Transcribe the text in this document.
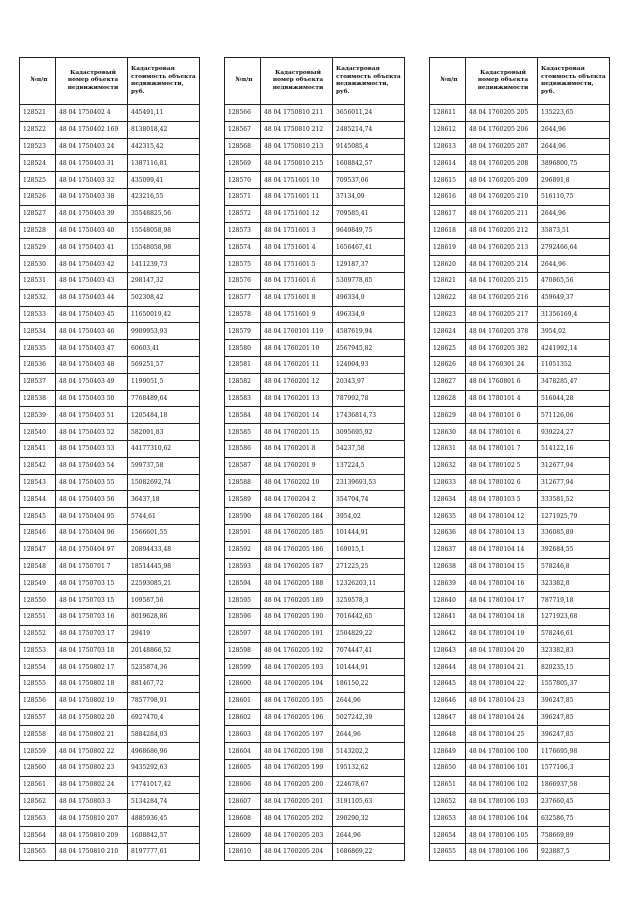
№п/п	Кадастровый номер объекта недвижимости	Кадастровая стоимость объекта недвижимости, руб.
128521	48 04 1750402 4	445491,11
128522	48 04 1750402 169	8138018,42
128523	48 04 1750403 24	442315,42
128524	48 04 1750403 31	1387116,81
128525	48 04 1750403 32	435099,41
128526	48 04 1750403 38	423216,55
128527	48 04 1750403 39	35548825,56
128528	48 04 1750403 40	15548058,98
128529	48 04 1750403 41	15548058,98
128530	48 04 1750403 42	1411239,73
128531	48 04 1750403 43	298147,32
128532	48 04 1750403 44	502308,42
128533	48 04 1750403 45	11650019,42
128534	48 04 1750403 46	9909953,93
128535	48 04 1750403 47	60603,41
128536	48 04 1750403 48	569251,57
128537	48 04 1750403 49	1199051,5
128538	48 04 1750403 50	7768489,64
128539	48 04 1750403 51	1205484,18
128540	48 04 1750403 52	582091,83
128541	48 04 1750403 53	44177310,62
128542	48 04 1750403 54	599737,58
128543	48 04 1750403 55	15082692,74
128544	48 04 1750403 56	36437,18
128545	48 04 1750404 95	5744,61
128546	48 04 1750404 96	1566601,55
128547	48 04 1750404 97	20894433,48
128548	48 04 1750701 7	18514445,98
128549	48 04 1750703 15	22593085,21
128550	48 04 1750703 15	109587,56
128551	48 04 1750703 16	8019628,86
128552	48 04 1750703 17	29419
128553	48 04 1750703 18	20148866,52
128554	48 04 1750802 17	5235874,36
128555	48 04 1750802 18	881467,72
128556	48 04 1750802 19	7857798,91
128557	48 04 1750802 20	6927470,4
128558	48 04 1750802 21	5884284,03
128559	48 04 1750802 22	4968686,96
128560	48 04 1750802 23	9435292,63
128561	48 04 1750802 24	17741017,42
128562	48 04 1750803 3	5134284,74
128563	48 04 1750810 207	4885936,45
128564	48 04 1750810 209	1608842,57
128565	48 04 1750810 210	8197777,61
№п/п	Кадастровый номер объекта недвижимости	Кадастровая стоимость объекта недвижимости, руб.
128566	48 04 1750810 211	3656011,24
128567	48 04 1750810 212	2485214,74
128568	48 04 1750810 213	9145085,4
128569	48 04 1750810 215	1608842,57
128570	48 04 1751601 10	709537,06
128571	48 04 1751601 11	37134,09
128572	48 04 1751601 12	709585,41
128573	48 04 1751601 3	9649849,75
128574	48 04 1751601 4	1656467,41
128575	48 04 1751601 5	129187,37
128576	48 04 1751601 6	5309778,85
128577	48 04 1751601 8	496334,9
128578	48 04 1751601 9	496334,9
128579	48 04 1760101 119	4587619,94
128580	48 04 1760201 10	2567945,82
128581	48 04 1760201 11	124004,93
128582	48 04 1760201 12	20343,97
128583	48 04 1760201 13	787992,78
128584	48 04 1760201 14	17436814,73
128585	48 04 1760201 15	3095695,92
128586	48 04 1760201 8	54237,58
128587	48 04 1760201 9	137224,5
128588	48 04 1760202 10	23139693,53
128589	48 04 1760204 2	354704,74
128590	48 04 1760205 184	3954,02
128591	48 04 1760205 185	101444,91
128592	48 04 1760205 186	169015,1
128593	48 04 1760205 187	271225,25
128594	48 04 1760205 188	12326203,11
128595	48 04 1760205 189	3259578,3
128596	48 04 1760205 190	7016442,65
128597	48 04 1760205 191	2504829,22
128598	48 04 1760205 192	7074447,41
128599	48 04 1760205 193	101444,91
128600	48 04 1760205 194	186150,22
128601	48 04 1760205 195	2644,96
128602	48 04 1760205 196	5027242,39
128603	48 04 1760205 197	2644,96
128604	48 04 1760205 198	5143202,2
128605	48 04 1760205 199	195132,62
128606	48 04 1760205 200	224678,67
128607	48 04 1760205 201	3191105,63
128608	48 04 1760205 202	290290,32
128609	48 04 1760205 203	2644,96
128610	48 04 1760205 204	1686869,22
№п/п	Кадастровый номер объекта недвижимости	Кадастровая стоимость объекта недвижимости, руб.
128611	48 04 1760205 205	135223,65
128612	48 04 1760205 206	2644,96
128613	48 04 1760205 207	2644,96
128614	48 04 1760205 208	3896800,75
128615	48 04 1760205 209	296891,8
128616	48 04 1760205 210	516110,75
128617	48 04 1760205 211	2644,96
128618	48 04 1760205 212	35873,51
128619	48 04 1760205 213	2792466,64
128620	48 04 1760205 214	2644,96
128621	48 04 1760205 215	470865,56
128622	48 04 1760205 216	459649,37
128623	48 04 1760205 217	31356169,4
128624	48 04 1760205 378	3954,02
128625	48 04 1760205 382	4241992,14
128626	48 04 1760301 24	11051352
128627	48 04 1760801 6	3478285,47
128628	48 04 1780101 4	516044,28
128629	48 04 1780101 6	571126,06
128630	48 04 1780101 6	939224,27
128631	48 04 1780101 7	514122,16
128632	48 04 1780102 5	312677,94
128633	48 04 1780102 6	312677,94
128634	48 04 1780103 5	333581,52
128635	48 04 1780104 12	1271925,79
128636	48 04 1780104 13	336085,89
128637	48 04 1780104 14	392684,55
128638	48 04 1780104 15	578246,8
128639	48 04 1780104 16	323382,8
128640	48 04 1780104 17	787719,18
128641	48 04 1780104 18	1271923,68
128642	48 04 1780104 19	578246,61
128643	48 04 1780104 20	323382,83
128644	48 04 1780104 21	820235,15
128645	48 04 1780104 22	1557805,37
128646	48 04 1780104 23	396247,85
128647	48 04 1780104 24	396247,85
128648	48 04 1780104 25	396247,85
128649	48 04 1780106 100	1176695,98
128650	48 04 1780106 101	1577106,3
128651	48 04 1780106 102	1866937,58
128652	48 04 1780106 103	237660,45
128653	48 04 1780106 104	632586,75
128654	48 04 1780106 105	758669,89
128655	48 04 1780106 106	923887,5
